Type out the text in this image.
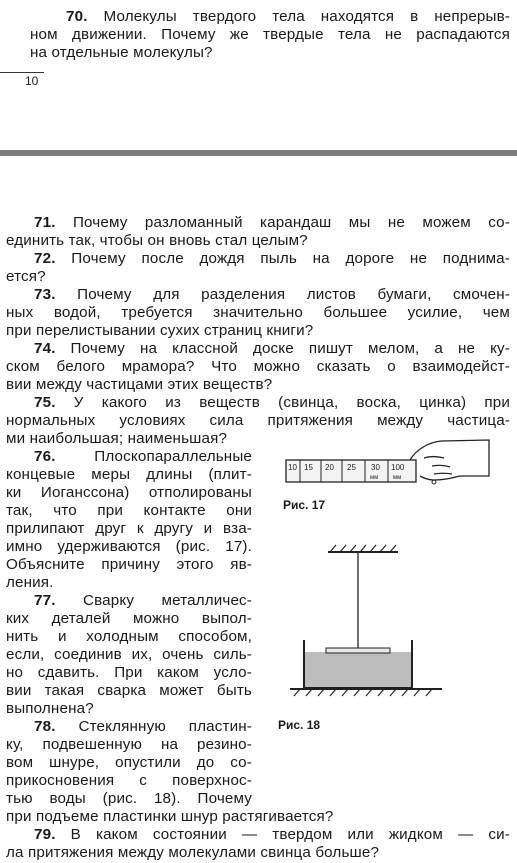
70. Молекулы твердого тела находятся в непрерыв-
ном движении. Почему же твердые тела не распадаются
на отдельные молекулы?
10
71. Почему разломанный карандаш мы не можем со-
единить так, чтобы он вновь стал целым?
72. Почему после дождя пыль на дороге не поднима-
ется?
73. Почему для разделения листов бумаги, смочен-
ных водой, требуется значительно большее усилие, чем
при перелистывании сухих страниц книги?
74. Почему на классной доске пишут мелом, а не ку-
ском белого мрамора? Что можно сказать о взаимодейст-
вии между частицами этих веществ?
75. У какого из веществ (свинца, воска, цинка) при
нормальных условиях сила притяжения между частица-
ми наибольшая; наименьшая?
76. Плоскопараллельные
концевые меры длины (плит-
ки Иогансcона) отполированы
так, что при контакте они
прилипают друг к другу и вза-
имно удерживаются (рис. 17).
Объясните причину этого яв-
ления.
77. Сварку металличес-
ких деталей можно выпол-
нить и холодным способом,
если, соединив их, очень силь-
но сдавить. При каком усло-
вии такая сварка может быть
выполнена?
78. Стеклянную пластин-
ку, подвешенную на резино-
вом шнуре, опустили до со-
прикосновения с поверхнос-
тью воды (рис. 18). Почему
при подъеме пластинки шнур растягивается?
79. В каком состоянии — твердом или жидком — си-
ла притяжения между молекулами свинца больше?
10 15 20 25 30
мм
100
мм
Рис. 17
Рис. 18
